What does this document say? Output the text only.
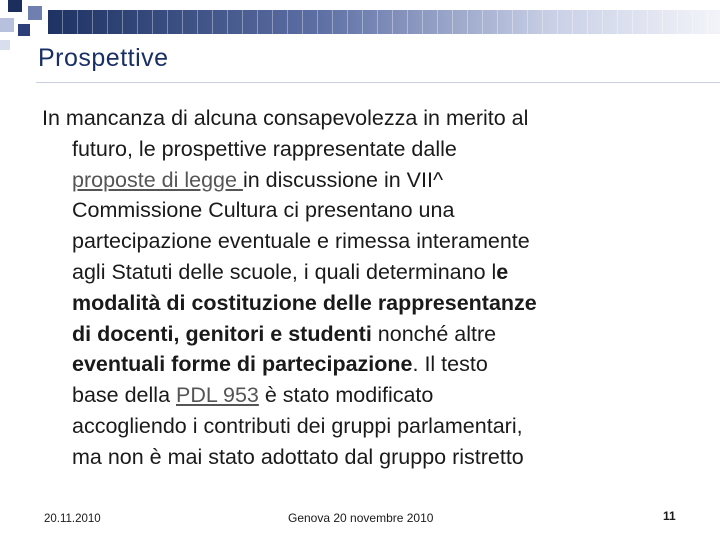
Prospettive

In mancanza di alcuna consapevolezza in merito al
futuro, le prospettive rappresentate dalle
proposte di legge in discussione in VII^
Commissione Cultura ci presentano una
partecipazione eventuale e rimessa interamente
agli Statuti delle scuole, i quali determinano le
modalità di costituzione delle rappresentanze
di docenti, genitori e studenti nonché altre
eventuali forme di partecipazione. Il testo
base della PDL 953 è stato modificato
accogliendo i contributi dei gruppi parlamentari,
ma non è mai stato adottato dal gruppo ristretto

20.11.2010	Genova 20 novembre 2010	11
